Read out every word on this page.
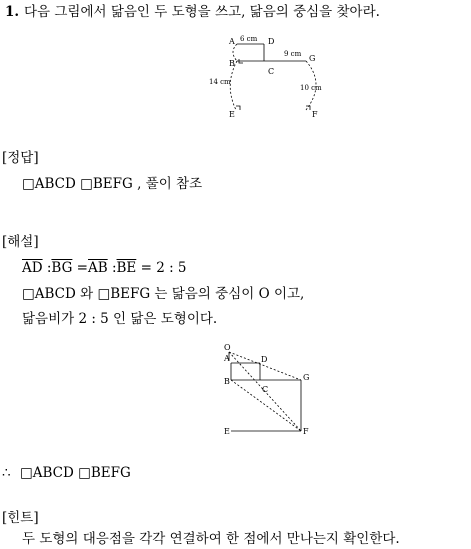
1. 다음 그림에서 닮음인 두 도형을 쓰고, 닮음의 중심을 찾아라.
A	D
B
C
G
E	F
6 cm
9 cm
14 cm
10 cm
[정답]
□ABCD □BEFG , 풀이 참조
[해설]
$\overline{AD}$ $:\overline{BG} =\overline{AB}$ $:\overline{BE} = 2$ : 5
□ABCD 와 □BEFG 는 닮음의 중심이 O 이고,
닮음비가 2 : 5 인 닮은 도형이다.
O
A	D
B
C
G
E	F
∴ □ABCD □BEFG
[힌트]
두 도형의 대응점을 각각 연결하여 한 점에서 만나는지 확인한다.
